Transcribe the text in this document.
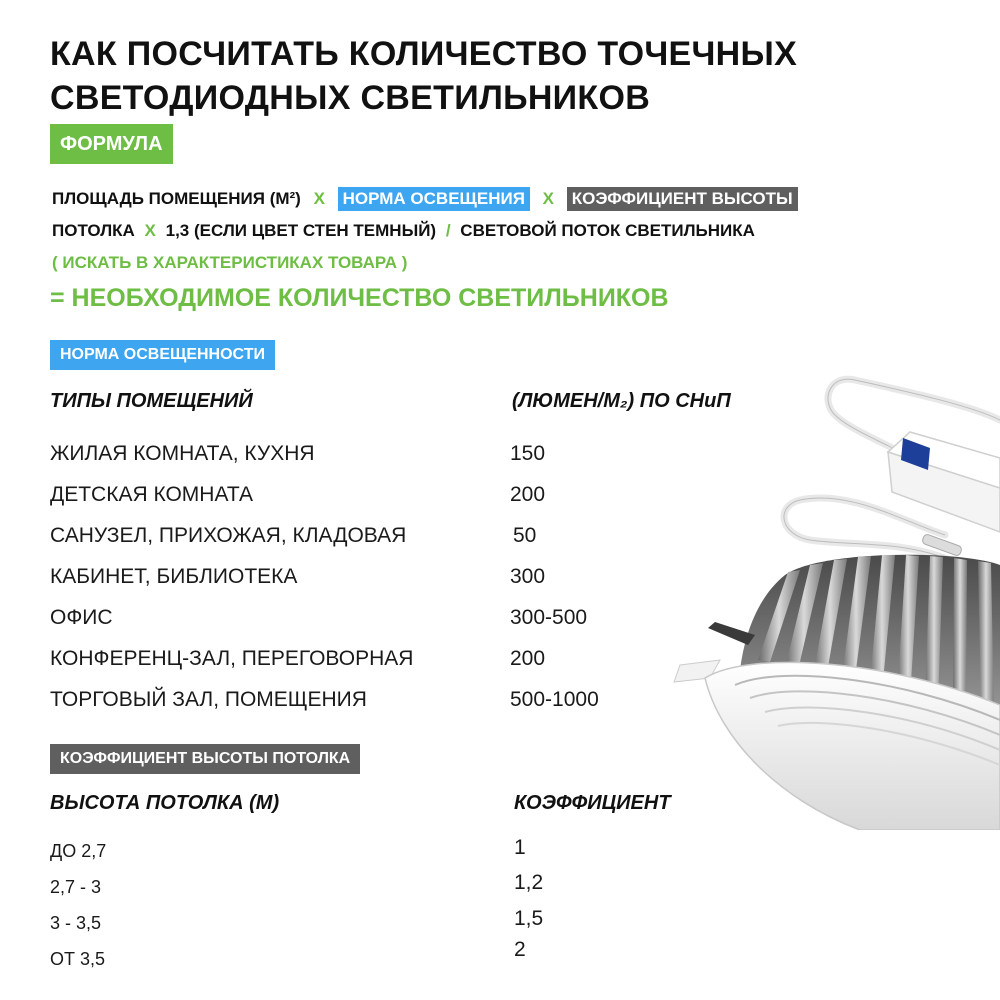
КАК ПОСЧИТАТЬ КОЛИЧЕСТВО ТОЧЕЧНЫХ
СВЕТОДИОДНЫХ СВЕТИЛЬНИКОВ
ФОРМУЛА
ПЛОЩАДЬ ПОМЕЩЕНИЯ (М²) Х НОРМА ОСВЕЩЕНИЯ Х КОЭФФИЦИЕНТ ВЫСОТЫ
ПОТОЛКА Х 1,3 (ЕСЛИ ЦВЕТ СТЕН ТЕМНЫЙ) / СВЕТОВОЙ ПОТОК СВЕТИЛЬНИКА
( ИСКАТЬ В ХАРАКТЕРИСТИКАХ ТОВАРА )
= НЕОБХОДИМОЕ КОЛИЧЕСТВО СВЕТИЛЬНИКОВ
НОРМА ОСВЕЩЕННОСТИ
ТИПЫ ПОМЕЩЕНИЙ	(ЛЮМЕН/М₂) ПО СНиП
ЖИЛАЯ КОМНАТА, КУХНЯ	150
ДЕТСКАЯ КОМНАТА	200
САНУЗЕЛ, ПРИХОЖАЯ, КЛАДОВАЯ	50
КАБИНЕТ, БИБЛИОТЕКА	300
ОФИС	300-500
КОНФЕРЕНЦ-ЗАЛ, ПЕРЕГОВОРНАЯ	200
ТОРГОВЫЙ ЗАЛ, ПОМЕЩЕНИЯ	500-1000
КОЭФФИЦИЕНТ ВЫСОТЫ ПОТОЛКА
ВЫСОТА ПОТОЛКА (М)	КОЭФФИЦИЕНТ
ДО 2,7	1
2,7 - 3	1,2
3 - 3,5	1,5
ОТ 3,5	2
